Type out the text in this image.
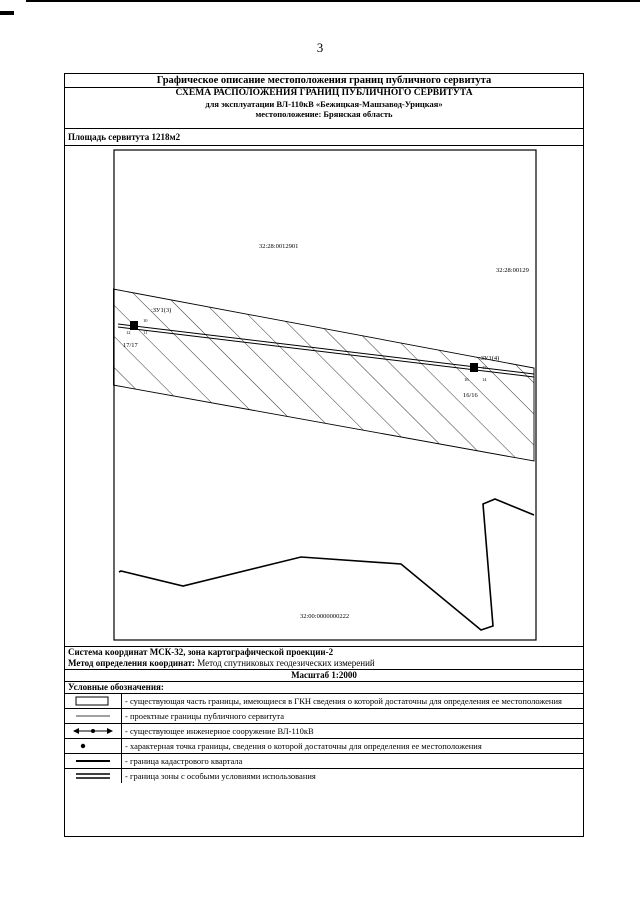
3
Графическое описание местоположения границ публичного сервитута
СХЕМА РАСПОЛОЖЕНИЯ ГРАНИЦ ПУБЛИЧНОГО СЕРВИТУТА
для эксплуатации ВЛ-110кВ «Бежицкая-Машзавод-Урицкая»
местоположение: Брянская область
Площадь сервитута 1218м2
32:28:0012901
32:28:00129
32:00:0000000222
:ЗУ1(3)
:ЗУ1(4)
17/17
16/16
12	11
10
16	14
13
Система координат МСК-32, зона картографической проекции-2
Метод определения координат: Метод спутниковых геодезических измерений
Масштаб 1:2000
Условные обозначения:
- существующая часть границы, имеющиеся в ГКН сведения о которой достаточны для определения ее местоположения
- проектные границы публичного сервитута
- существующее инженерное сооружение ВЛ-110кВ
- характерная точка границы, сведения о которой достаточны для определения ее местоположения
- граница кадастрового квартала
- граница зоны с особыми условиями использования
